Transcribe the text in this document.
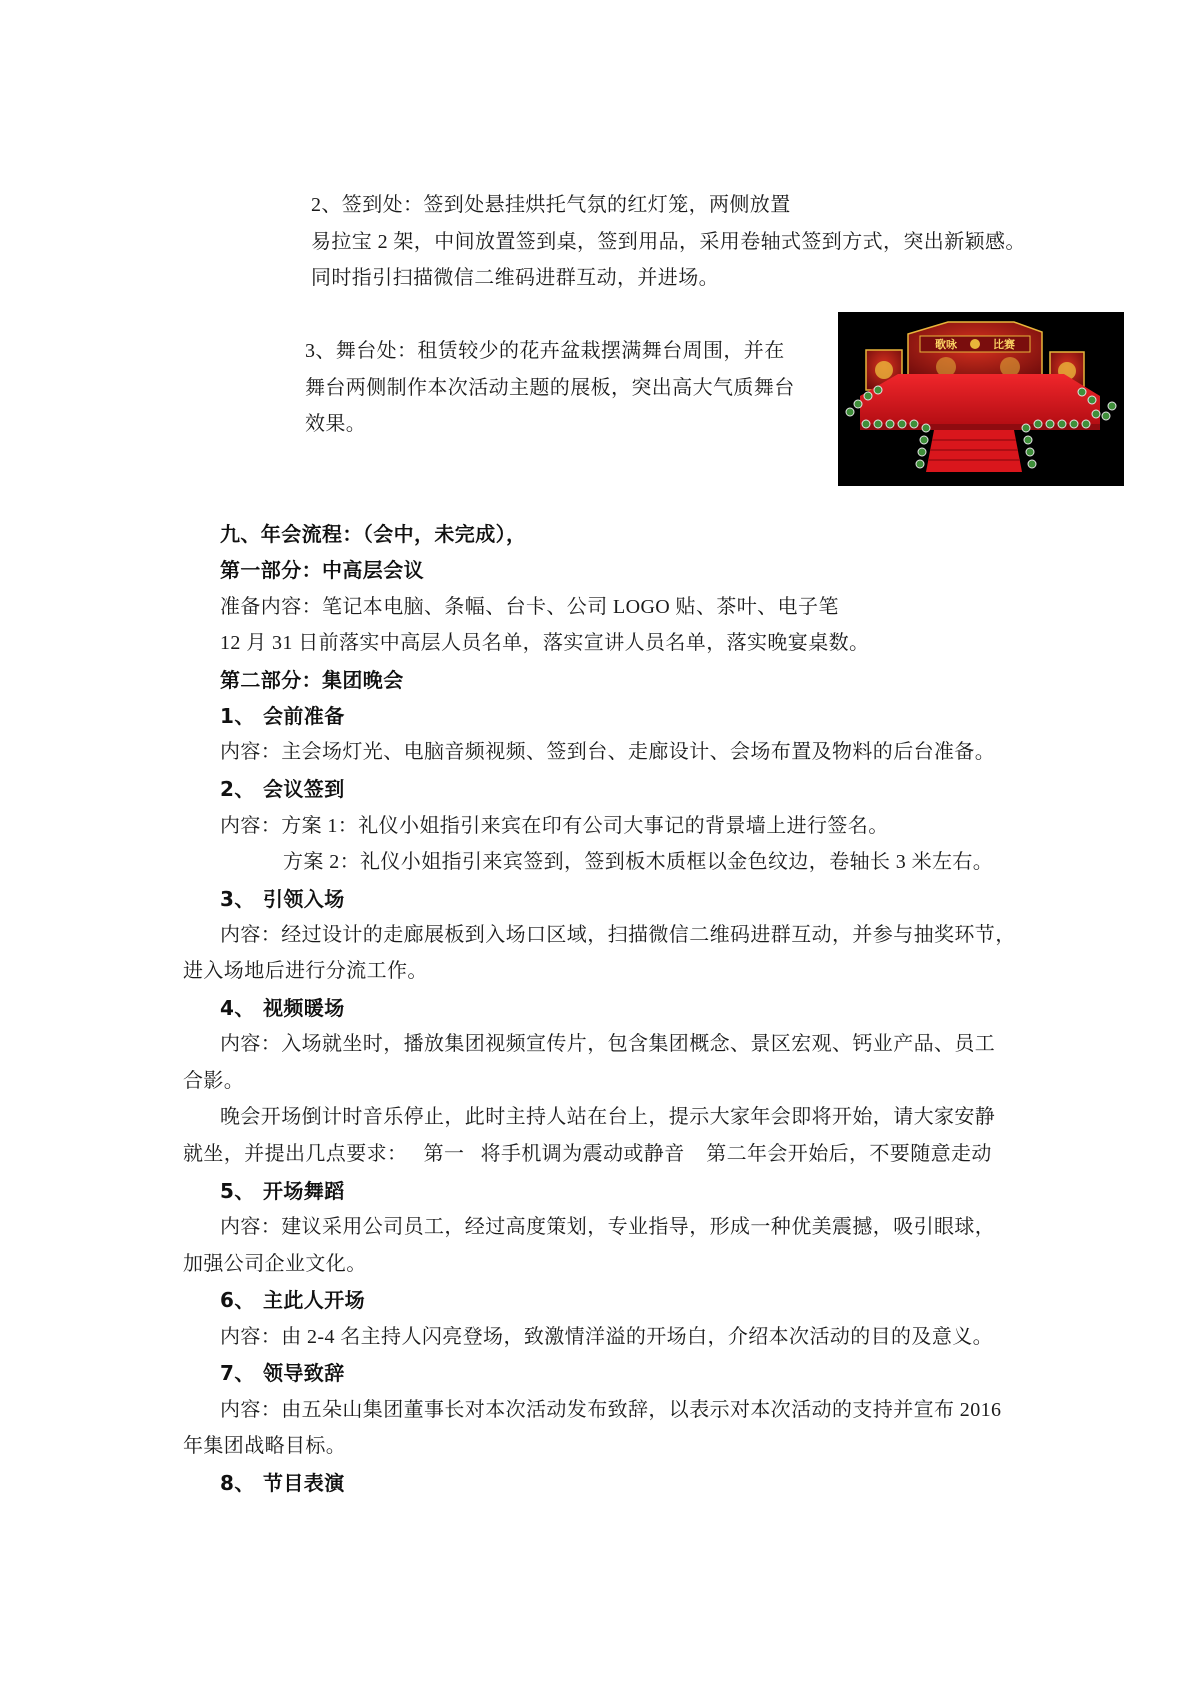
2、签到处：签到处悬挂烘托气氛的红灯笼，两侧放置
易拉宝 2 架，中间放置签到桌，签到用品，采用卷轴式签到方式，突出新颖感。
同时指引扫描微信二维码进群互动，并进场。
3、舞台处：租赁较少的花卉盆栽摆满舞台周围，并在
舞台两侧制作本次活动主题的展板，突出高大气质舞台
效果。
歌咏	比赛
九、年会流程：（会中，未完成），
第一部分：中高层会议
准备内容：笔记本电脑、条幅、台卡、公司 LOGO 贴、茶叶、电子笔
12 月 31 日前落实中高层人员名单，落实宣讲人员名单，落实晚宴桌数。
第二部分：集团晚会
1、 会前准备
内容：主会场灯光、电脑音频视频、签到台、走廊设计、会场布置及物料的后台准备。
2、 会议签到
内容：方案 1：礼仪小姐指引来宾在印有公司大事记的背景墙上进行签名。
方案 2：礼仪小姐指引来宾签到，签到板木质框以金色纹边，卷轴长 3 米左右。
3、 引领入场
内容：经过设计的走廊展板到入场口区域，扫描微信二维码进群互动，并参与抽奖环节，
进入场地后进行分流工作。
4、 视频暖场
内容：入场就坐时，播放集团视频宣传片，包含集团概念、景区宏观、钙业产品、员工
合影。
晚会开场倒计时音乐停止，此时主持人站在台上，提示大家年会即将开始，请大家安静
就坐，并提出几点要求：   第一   将手机调为震动或静音    第二年会开始后，不要随意走动
5、 开场舞蹈
内容：建议采用公司员工，经过高度策划，专业指导，形成一种优美震撼，吸引眼球，
加强公司企业文化。
6、 主此人开场
内容：由 2-4 名主持人闪亮登场，致激情洋溢的开场白，介绍本次活动的目的及意义。
7、 领导致辞
内容：由五朵山集团董事长对本次活动发布致辞，以表示对本次活动的支持并宣布 2016
年集团战略目标。
8、 节目表演
